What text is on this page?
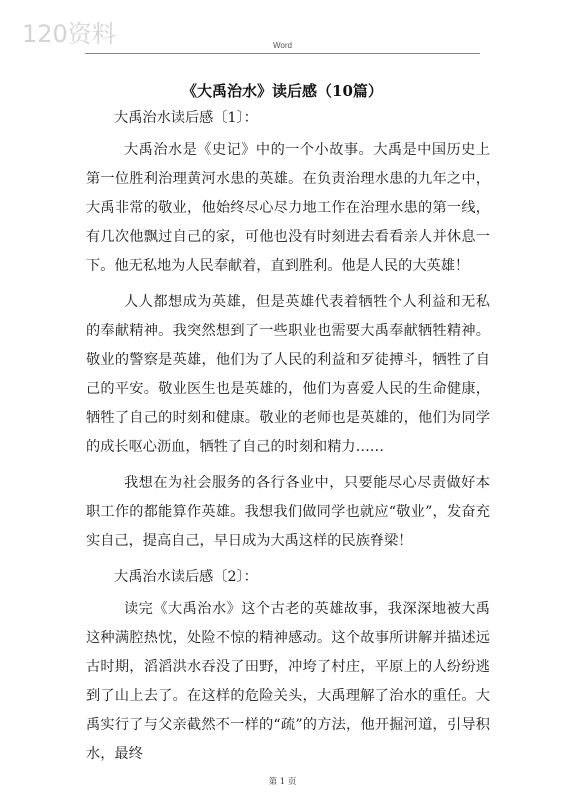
120资料	Word
《大禹治水》读后感（10篇）

大禹治水读后感〔1〕：

大禹治水是《史记》中的一个小故事。大禹是中国历史上第一位胜利治理黄河水患的英雄。在负责治理水患的九年之中，大禹非常的敬业，他始终尽心尽力地工作在治理水患的第一线，有几次他飘过自己的家，可他也没有时刻进去看看亲人并休息一下。他无私地为人民奉献着，直到胜利。他是人民的大英雄！

人人都想成为英雄，但是英雄代表着牺牲个人利益和无私的奉献精神。我突然想到了一些职业也需要大禹奉献牺牲精神。敬业的警察是英雄，他们为了人民的利益和歹徒搏斗，牺牲了自己的平安。敬业医生也是英雄的，他们为喜爱人民的生命健康，牺牲了自己的时刻和健康。敬业的老师也是英雄的，他们为同学的成长呕心沥血，牺牲了自己的时刻和精力……

我想在为社会服务的各行各业中，只要能尽心尽责做好本职工作的都能算作英雄。我想我们做同学也就应“敬业”，发奋充实自己，提高自己，早日成为大禹这样的民族脊梁！

大禹治水读后感〔2〕：

读完《大禹治水》这个古老的英雄故事，我深深地被大禹这种满腔热忱，处险不惊的精神感动。这个故事所讲解并描述远古时期，滔滔洪水吞没了田野，冲垮了村庄，平原上的人纷纷逃到了山上去了。在这样的危险关头，大禹理解了治水的重任。大禹实行了与父亲截然不一样的“疏”的方法，他开掘河道，引导积水，最终

第 1 页
